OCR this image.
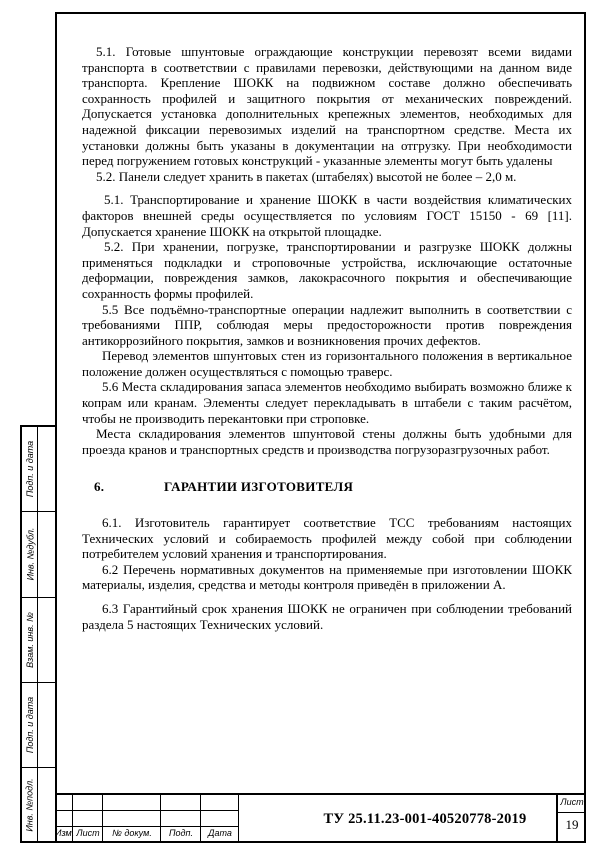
Подп. и дата
Инв. №дубл.
Взам. инв. №
Подп. и дата
Инв. №подл.

5.1. Готовые шпунтовые ограждающие конструкции перевозят всеми видами транспорта в соответствии с правилами перевозки, действующими на данном виде транспорта. Крепление ШОКК на подвижном составе должно обеспечивать сохранность профилей и защитного покрытия от механических повреждений. Допускается установка дополнительных крепежных элементов, необходимых для надежной фиксации перевозимых изделий на транспортном средстве. Места их установки должны быть указаны в документации на отгрузку. При необходимости перед погружением готовых конструкций - указанные элементы могут быть удалены

5.2. Панели следует хранить в пакетах (штабелях) высотой не более – 2,0 м.

5.1. Транспортирование и хранение ШОКК в части воздействия климатических факторов внешней среды осуществляется по условиям ГОСТ 15150 - 69 [11]. Допускается хранение ШОКК на открытой площадке.

5.2. При хранении, погрузке, транспортировании и разгрузке ШОКК должны применяться подкладки и строповочные устройства, исключающие остаточные деформации, повреждения замков, лакокрасочного покрытия и обеспечивающие сохранность формы профилей.

5.5 Все подъёмно-транспортные операции надлежит выполнить в соответствии с требованиями ППР, соблюдая меры предосторожности против повреждения антикоррозийного покрытия, замков и возникновения прочих дефектов.

Перевод элементов шпунтовых стен из горизонтального положения в вертикальное положение должен осуществляться с помощью траверс.

5.6 Места складирования запаса элементов необходимо выбирать возможно ближе к копрам или кранам. Элементы следует перекладывать в штабели с таким расчётом, чтобы не производить перекантовки при строповке.

Места складирования элементов шпунтовой стены должны быть удобными для проезда кранов и транспортных средств и производства погрузоразгрузочных работ.

6.	ГАРАНТИИ ИЗГОТОВИТЕЛЯ

6.1. Изготовитель гарантирует соответствие ТСС требованиям настоящих Технических условий и собираемость профилей между собой при соблюдении потребителем условий хранения и транспортирования.

6.2 Перечень нормативных документов на применяемые при изготовлении ШОКК материалы, изделия, средства и методы контроля приведён в приложении А.

6.3 Гарантийный срок хранения ШОКК не ограничен при соблюдении требований раздела 5 настоящих Технических условий.

Изм. Лист	№ докум.	Подп.	Дата
ТУ 25.11.23-001-40520778-2019
Лист
19
